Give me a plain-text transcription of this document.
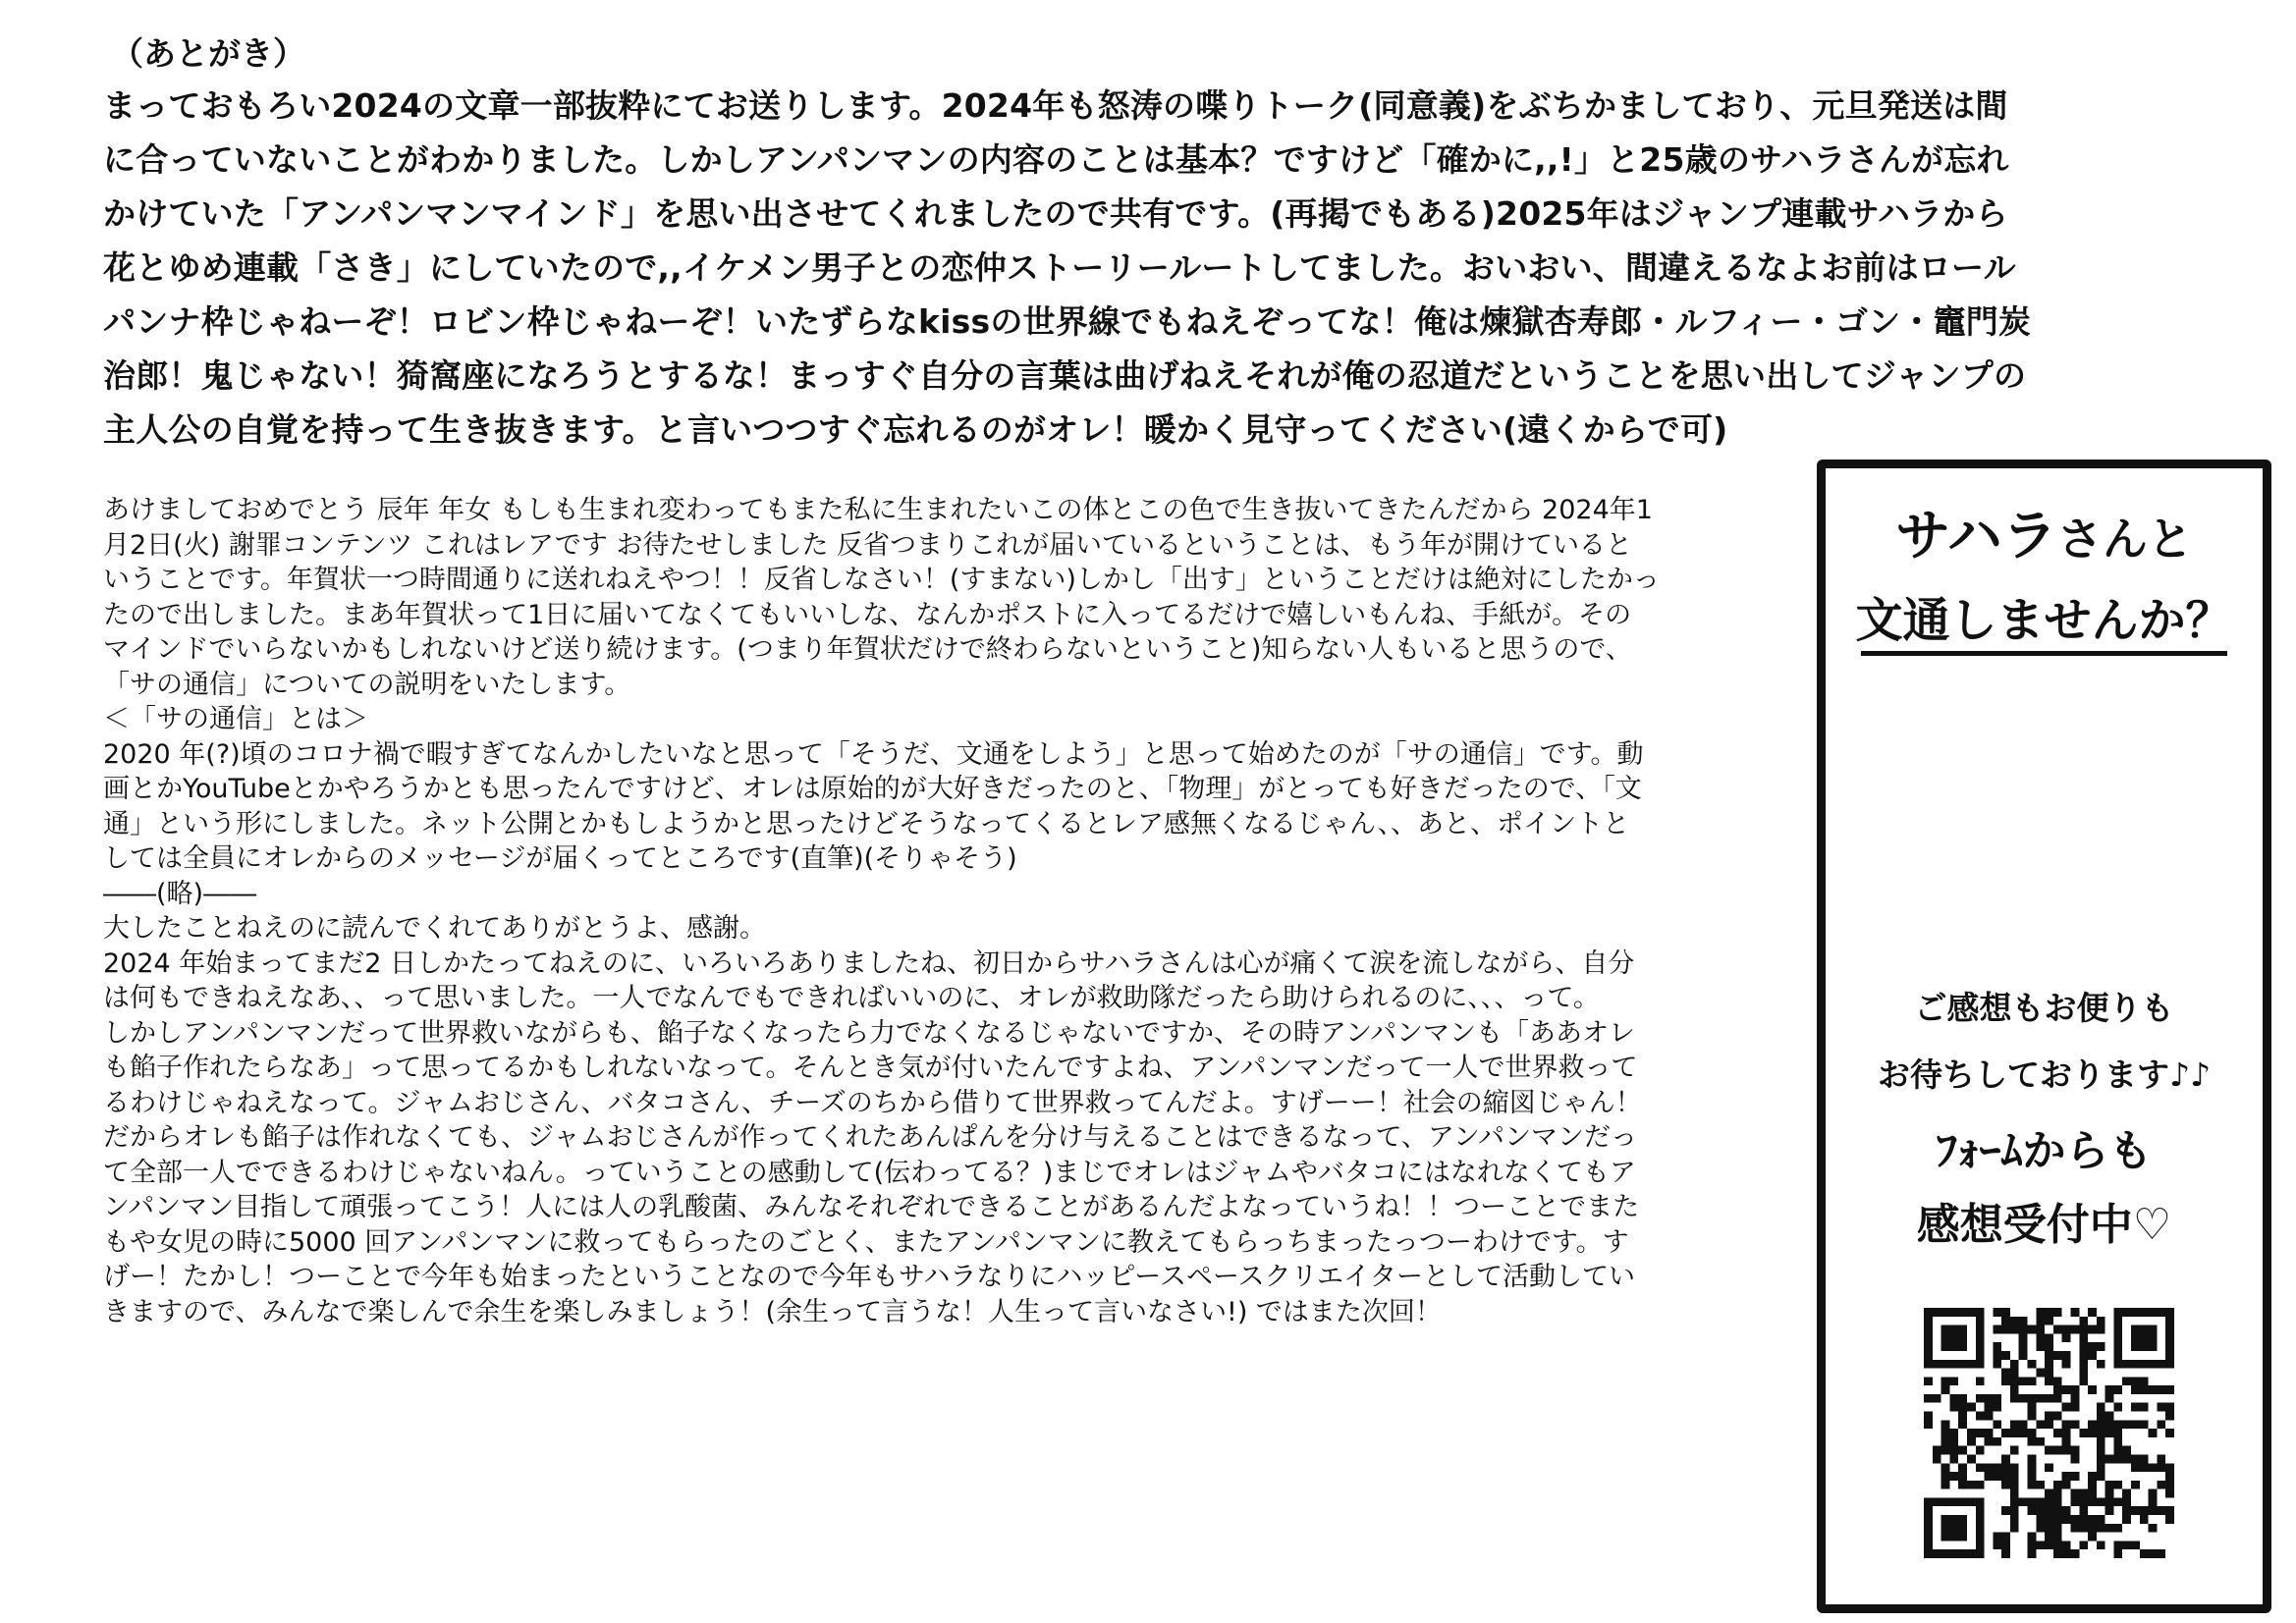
（あとがき）
まっておもろい2024の文章一部抜粋にてお送りします。2024年も怒涛の喋りトーク(同意義)をぶちかましており、元旦発送は間
に合っていないことがわかりました。しかしアンパンマンの内容のことは基本？ですけど「確かに,,!」と25歳のサハラさんが忘れ
かけていた「アンパンマンマインド」を思い出させてくれましたので共有です。(再掲でもある)2025年はジャンプ連載サハラから
花とゆめ連載「さき」にしていたので,,イケメン男子との恋仲ストーリールートしてました。おいおい、間違えるなよお前はロール
パンナ枠じゃねーぞ！ロビン枠じゃねーぞ！いたずらなkissの世界線でもねえぞってな！俺は煉獄杏寿郎・ルフィー・ゴン・竈門炭
治郎！鬼じゃない！猗窩座になろうとするな！まっすぐ自分の言葉は曲げねえそれが俺の忍道だということを思い出してジャンプの
主人公の自覚を持って生き抜きます。と言いつつすぐ忘れるのがオレ！暖かく見守ってください(遠くからで可)
あけましておめでとう 辰年 年女 もしも生まれ変わってもまた私に生まれたいこの体とこの色で生き抜いてきたんだから 2024年1
月2日(火) 謝罪コンテンツ これはレアです お待たせしました 反省つまりこれが届いているということは、もう年が開けていると
いうことです。年賀状一つ時間通りに送れねえやつ！！反省しなさい！(すまない)しかし「出す」ということだけは絶対にしたかっ
たので出しました。まあ年賀状って1日に届いてなくてもいいしな、なんかポストに入ってるだけで嬉しいもんね、手紙が。その
マインドでいらないかもしれないけど送り続けます。(つまり年賀状だけで終わらないということ)知らない人もいると思うので、
「サの通信」についての説明をいたします。
＜「サの通信」とは＞
2020 年(?)頃のコロナ禍で暇すぎてなんかしたいなと思って「そうだ、文通をしよう」と思って始めたのが「サの通信」です。動
画とかYouTubeとかやろうかとも思ったんですけど、オレは原始的が大好きだったのと、「物理」がとっても好きだったので、「文
通」という形にしました。ネット公開とかもしようかと思ったけどそうなってくるとレア感無くなるじゃん、、あと、ポイントと
しては全員にオレからのメッセージが届くってところです(直筆)(そりゃそう)
――(略)――
大したことねえのに読んでくれてありがとうよ、感謝。
2024 年始まってまだ2 日しかたってねえのに、いろいろありましたね、初日からサハラさんは心が痛くて涙を流しながら、自分
は何もできねえなあ、、って思いました。一人でなんでもできればいいのに、オレが救助隊だったら助けられるのに、、、って。
しかしアンパンマンだって世界救いながらも、餡子なくなったら力でなくなるじゃないですか、その時アンパンマンも「ああオレ
も餡子作れたらなあ」って思ってるかもしれないなって。そんとき気が付いたんですよね、アンパンマンだって一人で世界救って
るわけじゃねえなって。ジャムおじさん、バタコさん、チーズのちから借りて世界救ってんだよ。すげーー！社会の縮図じゃん！
だからオレも餡子は作れなくても、ジャムおじさんが作ってくれたあんぱんを分け与えることはできるなって、アンパンマンだっ
て全部一人でできるわけじゃないねん。っていうことの感動して(伝わってる？)まじでオレはジャムやバタコにはなれなくてもア
ンパンマン目指して頑張ってこう！人には人の乳酸菌、みんなそれぞれできることがあるんだよなっていうね！！つーことでまた
もや女児の時に5000 回アンパンマンに救ってもらったのごとく、またアンパンマンに教えてもらっちまったっつーわけです。す
げー！たかし！つーことで今年も始まったということなので今年もサハラなりにハッピースペースクリエイターとして活動してい
きますので、みんなで楽しんで余生を楽しみましょう！(余生って言うな！人生って言いなさい!) ではまた次回！
サハラさんと
文通しませんか？
ご感想もお便りも
お待ちしております♪♪
ﾌｫｰﾑからも
感想受付中♡
